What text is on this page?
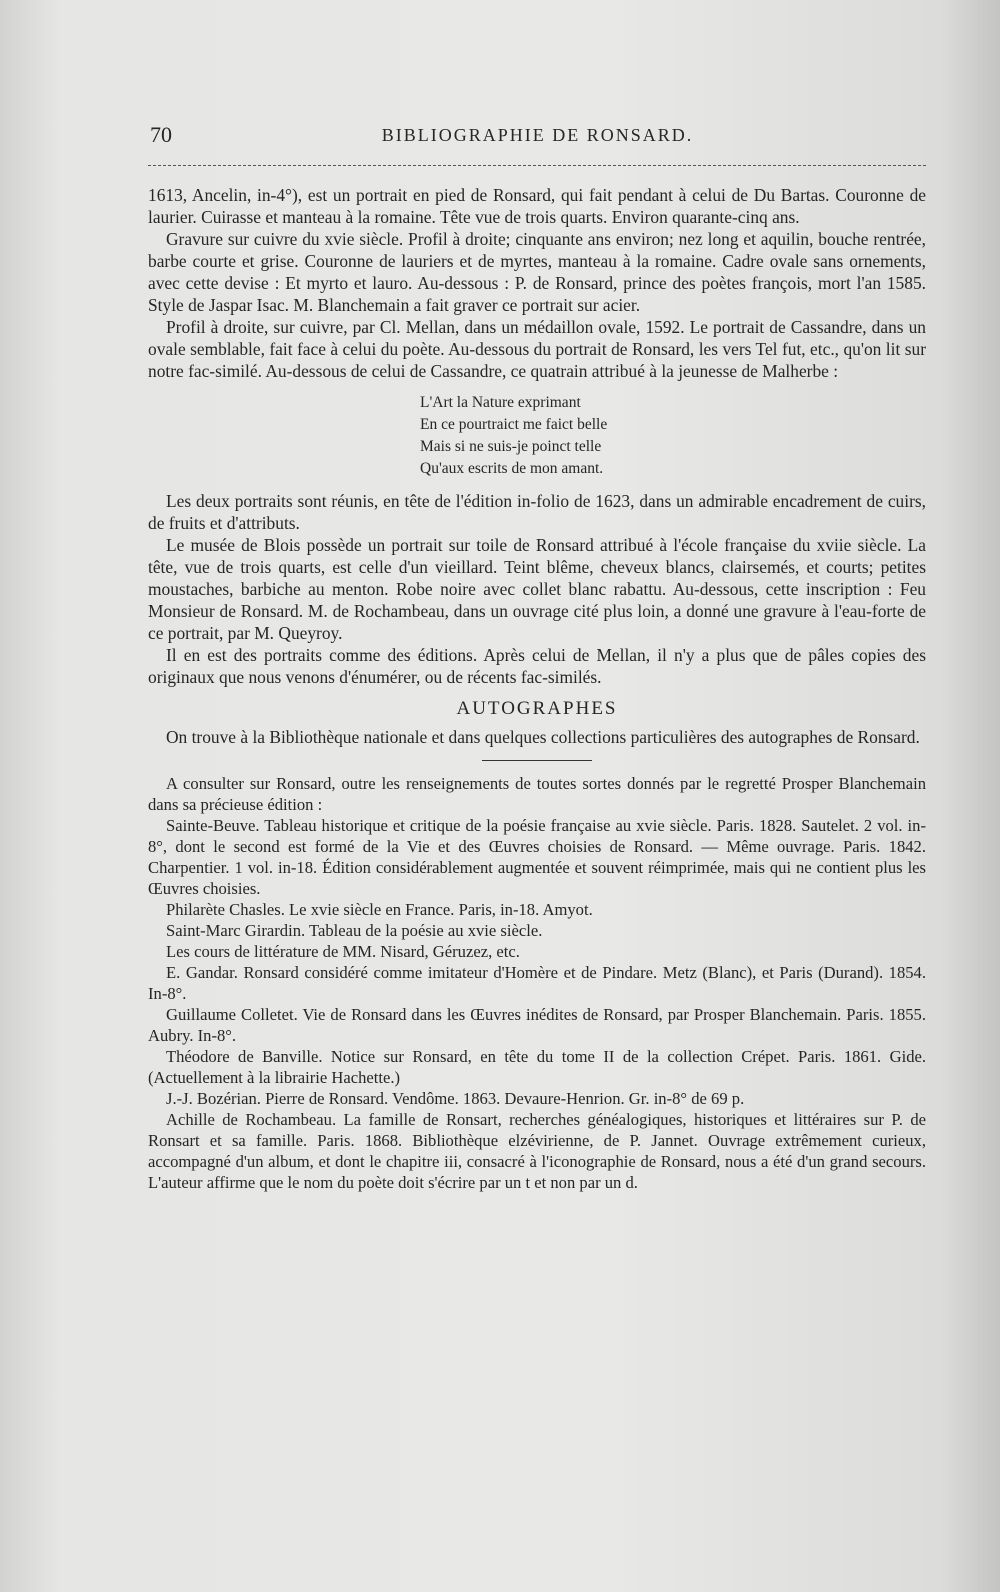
70	BIBLIOGRAPHIE DE RONSARD.

1613, Ancelin, in-4°), est un portrait en pied de Ronsard, qui fait pendant à celui de Du Bartas. Couronne de laurier. Cuirasse et manteau à la romaine. Tête vue de trois quarts. Environ quarante-cinq ans.

Gravure sur cuivre du xvie siècle. Profil à droite; cinquante ans environ; nez long et aquilin, bouche rentrée, barbe courte et grise. Couronne de lauriers et de myrtes, manteau à la romaine. Cadre ovale sans ornements, avec cette devise : Et myrto et lauro. Au-dessous : P. de Ronsard, prince des poètes françois, mort l'an 1585. Style de Jaspar Isac. M. Blanchemain a fait graver ce portrait sur acier.

Profil à droite, sur cuivre, par Cl. Mellan, dans un médaillon ovale, 1592. Le portrait de Cassandre, dans un ovale semblable, fait face à celui du poète. Au-dessous du portrait de Ronsard, les vers Tel fut, etc., qu'on lit sur notre fac-similé. Au-dessous de celui de Cassandre, ce quatrain attribué à la jeunesse de Malherbe :

L'Art la Nature exprimant
En ce pourtraict me faict belle
Mais si ne suis-je poinct telle
Qu'aux escrits de mon amant.

Les deux portraits sont réunis, en tête de l'édition in-folio de 1623, dans un admirable encadrement de cuirs, de fruits et d'attributs.

Le musée de Blois possède un portrait sur toile de Ronsard attribué à l'école française du xviie siècle. La tête, vue de trois quarts, est celle d'un vieillard. Teint blême, cheveux blancs, clairsemés, et courts; petites moustaches, barbiche au menton. Robe noire avec collet blanc rabattu. Au-dessous, cette inscription : Feu Monsieur de Ronsard. M. de Rochambeau, dans un ouvrage cité plus loin, a donné une gravure à l'eau-forte de ce portrait, par M. Queyroy.

Il en est des portraits comme des éditions. Après celui de Mellan, il n'y a plus que de pâles copies des originaux que nous venons d'énumérer, ou de récents fac-similés.

AUTOGRAPHES

On trouve à la Bibliothèque nationale et dans quelques collections particulières des autographes de Ronsard.

A consulter sur Ronsard, outre les renseignements de toutes sortes donnés par le regretté Prosper Blanchemain dans sa précieuse édition :

Sainte-Beuve. Tableau historique et critique de la poésie française au xvie siècle. Paris. 1828. Sautelet. 2 vol. in-8°, dont le second est formé de la Vie et des Œuvres choisies de Ronsard. — Même ouvrage. Paris. 1842. Charpentier. 1 vol. in-18. Édition considérablement augmentée et souvent réimprimée, mais qui ne contient plus les Œuvres choisies.

Philarète Chasles. Le xvie siècle en France. Paris, in-18. Amyot.

Saint-Marc Girardin. Tableau de la poésie au xvie siècle.

Les cours de littérature de MM. Nisard, Géruzez, etc.

E. Gandar. Ronsard considéré comme imitateur d'Homère et de Pindare. Metz (Blanc), et Paris (Durand). 1854. In-8°.

Guillaume Colletet. Vie de Ronsard dans les Œuvres inédites de Ronsard, par Prosper Blanchemain. Paris. 1855. Aubry. In-8°.

Théodore de Banville. Notice sur Ronsard, en tête du tome II de la collection Crépet. Paris. 1861. Gide. (Actuellement à la librairie Hachette.)

J.-J. Bozérian. Pierre de Ronsard. Vendôme. 1863. Devaure-Henrion. Gr. in-8° de 69 p.

Achille de Rochambeau. La famille de Ronsart, recherches généalogiques, historiques et littéraires sur P. de Ronsart et sa famille. Paris. 1868. Bibliothèque elzévirienne, de P. Jannet. Ouvrage extrêmement curieux, accompagné d'un album, et dont le chapitre iii, consacré à l'iconographie de Ronsard, nous a été d'un grand secours. L'auteur affirme que le nom du poète doit s'écrire par un t et non par un d.
